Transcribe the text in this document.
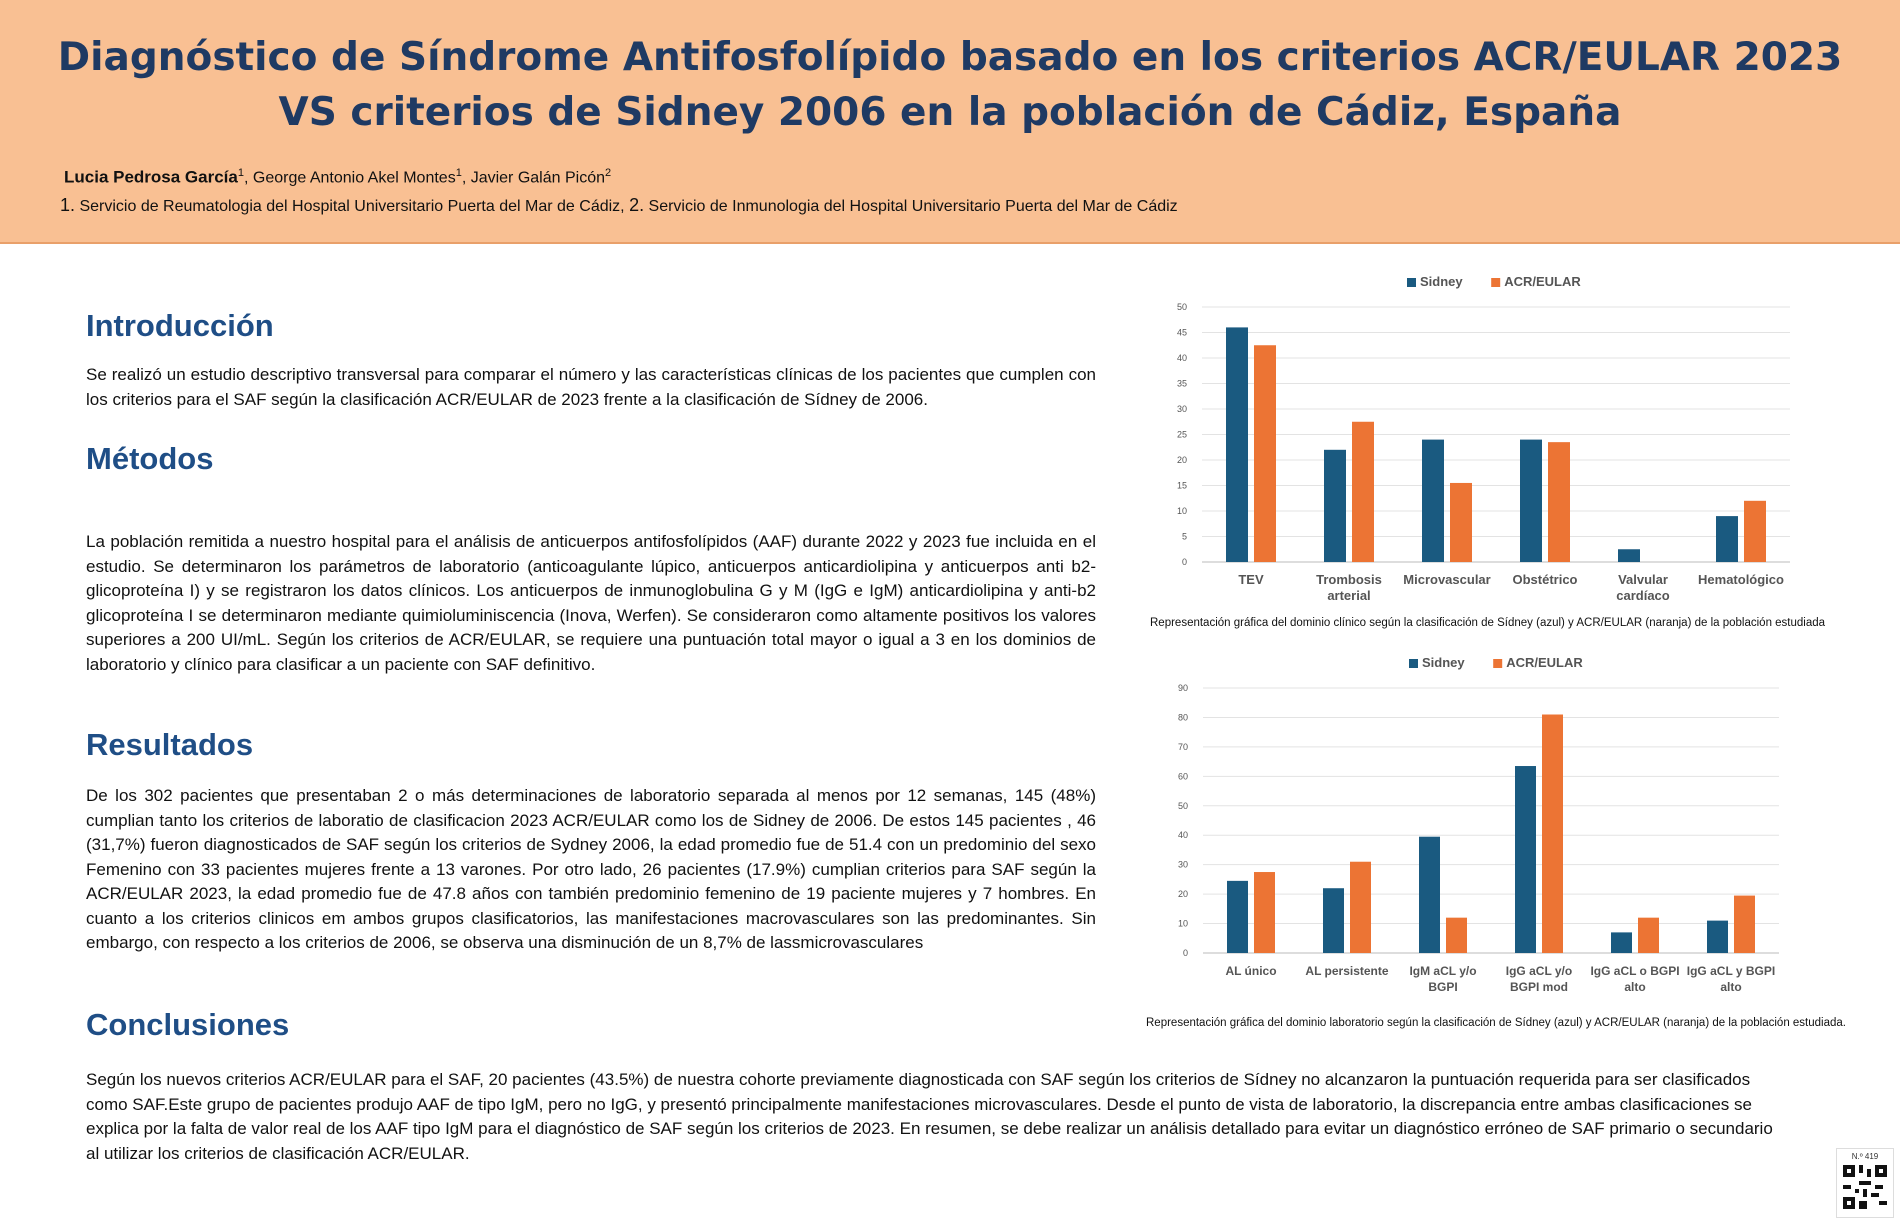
Diagnóstico de Síndrome Antifosfolípido basado en los criterios ACR/EULAR 2023
VS criterios de Sidney 2006 en la población de Cádiz, España
Lucia Pedrosa García$^1$, George Antonio Akel Montes$^1$, Javier Galán Picón$^2$
1. Servicio de Reumatologia del Hospital Universitario Puerta del Mar de Cádiz, 2. Servicio de Inmunologia del Hospital Universitario Puerta del Mar de Cádiz
Introducción

Se realizó un estudio descriptivo transversal para comparar el número y las características clínicas de los pacientes que cumplen con los criterios para el SAF según la clasificación ACR/EULAR de 2023 frente a la clasificación de Sídney de 2006.

Métodos

La población remitida a nuestro hospital para el análisis de anticuerpos antifosfolípidos (AAF) durante 2022 y 2023 fue incluida en el estudio. Se determinaron los parámetros de laboratorio (anticoagulante lúpico, anticuerpos anticardiolipina y anticuerpos anti b2-glicoproteína I) y se registraron los datos clínicos. Los anticuerpos de inmunoglobulina G y M (IgG e IgM) anticardiolipina y anti-b2 glicoproteína I se determinaron mediante quimioluminiscencia (Inova, Werfen). Se consideraron como altamente positivos los valores superiores a 200 UI/mL. Según los criterios de ACR/EULAR, se requiere una puntuación total mayor o igual a 3 en los dominios de laboratorio y clínico para clasificar a un paciente con SAF definitivo.

Resultados

De los 302 pacientes que presentaban 2 o más determinaciones de laboratorio separada al menos por 12 semanas, 145 (48%) cumplian tanto los criterios de laboratio de clasificacion 2023 ACR/EULAR como los de Sidney de 2006. De estos 145 pacientes , 46 (31,7%) fueron diagnosticados de SAF según los criterios de Sydney 2006, la edad promedio fue de 51.4 con un predominio del sexo Femenino con 33 pacientes mujeres frente a 13 varones. Por otro lado, 26 pacientes (17.9%) cumplian criterios para SAF según la ACR/EULAR 2023, la edad promedio fue de 47.8 años con también predominio femenino de 19 paciente mujeres y 7 hombres. En cuanto a los criterios clinicos em ambos grupos clasificatorios, las manifestaciones macrovasculares son las predominantes. Sin embargo, con respecto a los criterios de 2006, se observa una disminución de un 8,7% de lassmicrovasculares

Conclusiones

Según los nuevos criterios ACR/EULAR para el SAF, 20 pacientes (43.5%) de nuestra cohorte previamente diagnosticada con SAF según los criterios de Sídney no alcanzaron la puntuación requerida para ser clasificados como SAF.Este grupo de pacientes produjo AAF de tipo IgM, pero no IgG, y presentó principalmente manifestaciones microvasculares. Desde el punto de vista de laboratorio, la discrepancia entre ambas clasificaciones se explica por la falta de valor real de los AAF tipo IgM para el diagnóstico de SAF según los criterios de 2023. En resumen, se debe realizar un análisis detallado para evitar un diagnóstico erróneo de SAF primario o secundario al utilizar los criterios de clasificación ACR/EULAR.

Sidney	ACR/EULAR
0
5
10
15
20
25
30
35
40
45
50
TEV	Trombosis
arterial
Microvascular Obstétrico	Valvular
cardíaco
Hematológico
Representación gráfica del dominio clínico según la clasificación de Sídney (azul) y ACR/EULAR (naranja) de la población estudiada
Sidney	ACR/EULAR
0
10
20
30
40
50
60
70
80
90
AL único AL persistente IgM aCL y/o
BGPI
IgG aCL y/o
BGPI mod
IgG aCL o BGPI
alto
IgG aCL y BGPI
alto
Representación gráfica del dominio laboratorio según la clasificación de Sídney (azul) y ACR/EULAR (naranja) de la población estudiada.
N.º 419
